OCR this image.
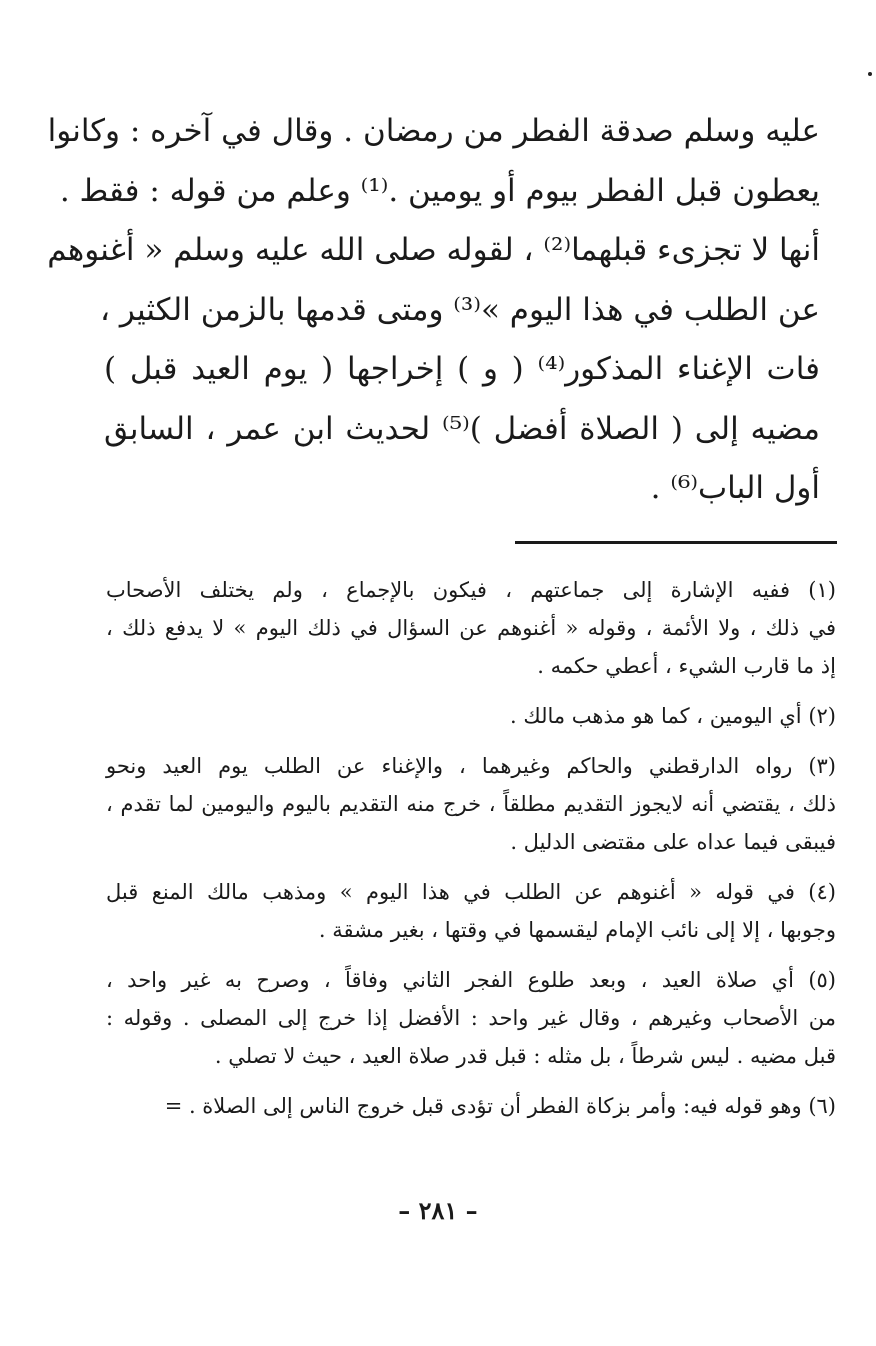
عليه وسلم صدقة الفطر من رمضان . وقال في آخره : وكانوا
يعطون قبل الفطر بيوم أو يومين .⁽¹⁾ وعلم من قوله : فقط .
أنها لا تجزىء قبلهما⁽²⁾ ، لقوله صلى الله عليه وسلم « أغنوهم
عن الطلب في هذا اليوم »⁽³⁾ ومتى قدمها بالزمن الكثير ،
فات الإغناء المذكور⁽⁴⁾ ( و ) إخراجها ( يوم العيد قبل )
مضيه إلى ( الصلاة أفضل )⁽⁵⁾ لحديث ابن عمر ، السابق
أول الباب⁽⁶⁾ .
(١) ففيه الإشارة إلى جماعتهم ، فيكون بالإجماع ، ولم يختلف الأصحاب
في ذلك ، ولا الأئمة ، وقوله « أغنوهم عن السؤال في ذلك اليوم » لا يدفع ذلك ،
إذ ما قارب الشيء ، أعطي حكمه .
(٢) أي اليومين ، كما هو مذهب مالك .
(٣) رواه الدارقطني والحاكم وغيرهما ، والإغناء عن الطلب يوم العيد ونحو
ذلك ، يقتضي أنه لايجوز التقديم مطلقاً ، خرج منه التقديم باليوم واليومين لما تقدم ،
فيبقى فيما عداه على مقتضى الدليل .
(٤) في قوله « أغنوهم عن الطلب في هذا اليوم » ومذهب مالك المنع قبل
وجوبها ، إلا إلى نائب الإمام ليقسمها في وقتها ، بغير مشقة .
(٥) أي صلاة العيد ، وبعد طلوع الفجر الثاني وفاقاً ، وصرح به غير واحد ،
من الأصحاب وغيرهم ، وقال غير واحد : الأفضل إذا خرج إلى المصلى . وقوله :
قبل مضيه . ليس شرطاً ، بل مثله : قبل قدر صلاة العيد ، حيث لا تصلي .
(٦) وهو قوله فيه: وأمر بزكاة الفطر أن تؤدى قبل خروج الناس إلى الصلاة . =
– ٢٨١ –
